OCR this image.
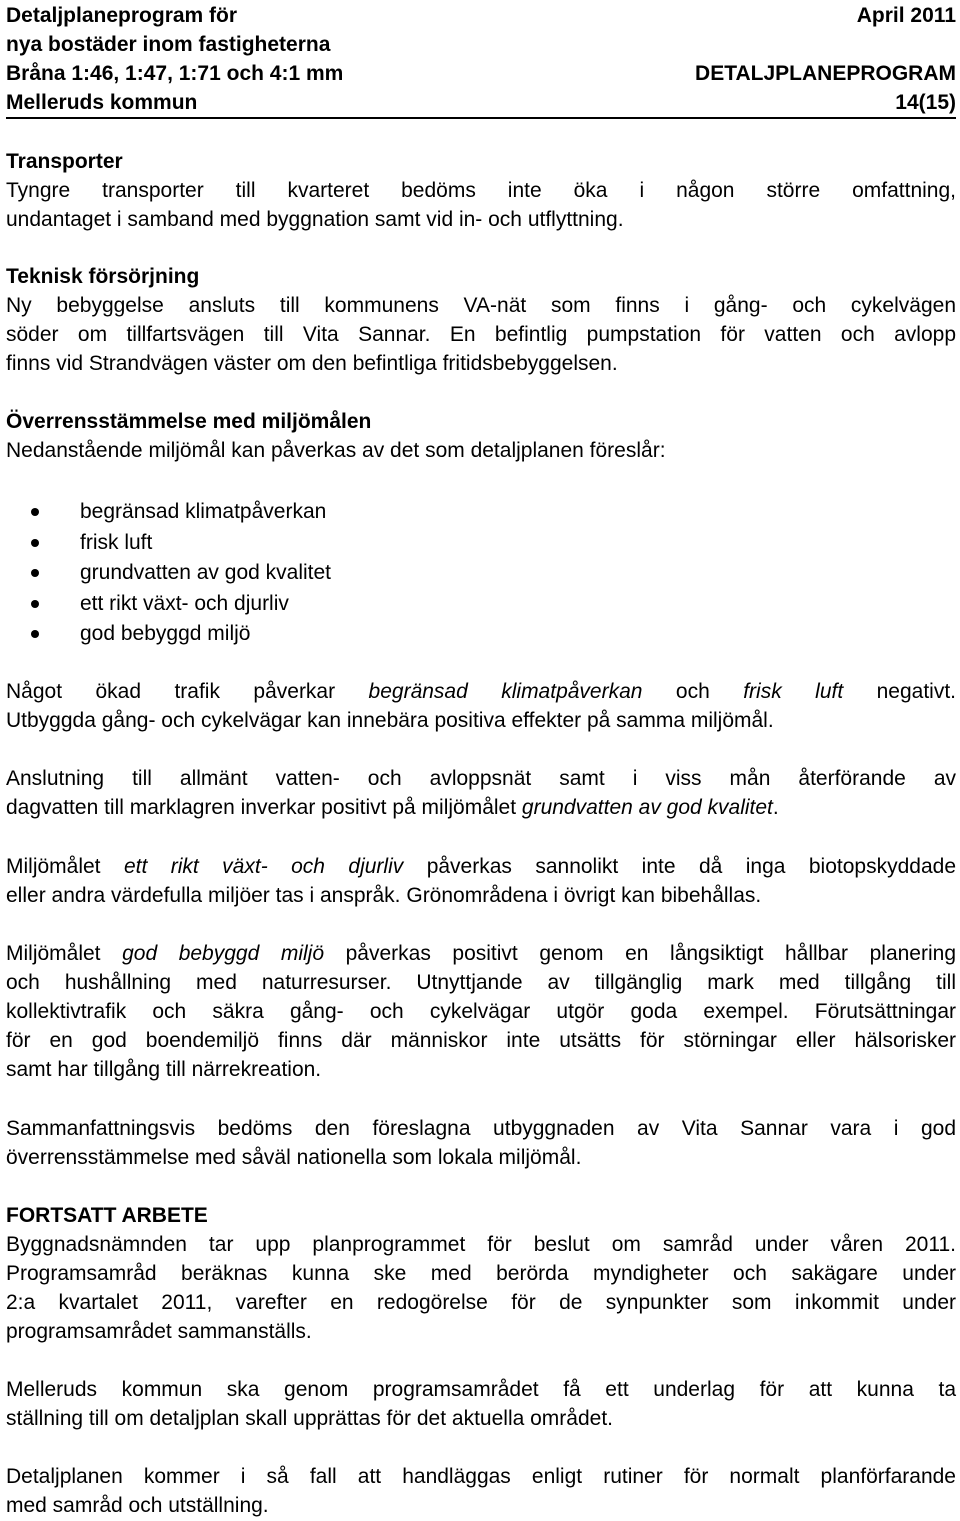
Detaljplaneprogram för	April 2011
nya bostäder inom fastigheterna
Bråna 1:46, 1:47, 1:71 och 4:1 mm	DETALJPLANEPROGRAM
Melleruds kommun	14(15)
Transporter
Tyngre transporter till kvarteret bedöms inte öka i någon större omfattning,
undantaget i samband med byggnation samt vid in- och utflyttning.
Teknisk försörjning
Ny bebyggelse ansluts till kommunens VA-nät som finns i gång- och cykelvägen
söder om tillfartsvägen till Vita Sannar. En befintlig pumpstation för vatten och avlopp
finns vid Strandvägen väster om den befintliga fritidsbebyggelsen.
Överrensstämmelse med miljömålen
Nedanstående miljömål kan påverkas av det som detaljplanen föreslår:
begränsad klimatpåverkan
frisk luft
grundvatten av god kvalitet
ett rikt växt- och djurliv
god bebyggd miljö
Något ökad trafik påverkar begränsad klimatpåverkan och frisk luft negativt.
Utbyggda gång- och cykelvägar kan innebära positiva effekter på samma miljömål.
Anslutning till allmänt vatten- och avloppsnät samt i viss mån återförande av
dagvatten till marklagren inverkar positivt på miljömålet grundvatten av god kvalitet.
Miljömålet ett rikt växt- och djurliv påverkas sannolikt inte då inga biotopskyddade
eller andra värdefulla miljöer tas i anspråk. Grönområdena i övrigt kan bibehållas.
Miljömålet god bebyggd miljö påverkas positivt genom en långsiktigt hållbar planering
och hushållning med naturresurser. Utnyttjande av tillgänglig mark med tillgång till
kollektivtrafik och säkra gång- och cykelvägar utgör goda exempel. Förutsättningar
för en god boendemiljö finns där människor inte utsätts för störningar eller hälsorisker
samt har tillgång till närrekreation.
Sammanfattningsvis bedöms den föreslagna utbyggnaden av Vita Sannar vara i god
överrensstämmelse med såväl nationella som lokala miljömål.
FORTSATT ARBETE
Byggnadsnämnden tar upp planprogrammet för beslut om samråd under våren 2011.
Programsamråd beräknas kunna ske med berörda myndigheter och sakägare under
2:a kvartalet 2011, varefter en redogörelse för de synpunkter som inkommit under
programsamrådet sammanställs.
Melleruds kommun ska genom programsamrådet få ett underlag för att kunna ta
ställning till om detaljplan skall upprättas för det aktuella området.
Detaljplanen kommer i så fall att handläggas enligt rutiner för normalt planförfarande
med samråd och utställning.
